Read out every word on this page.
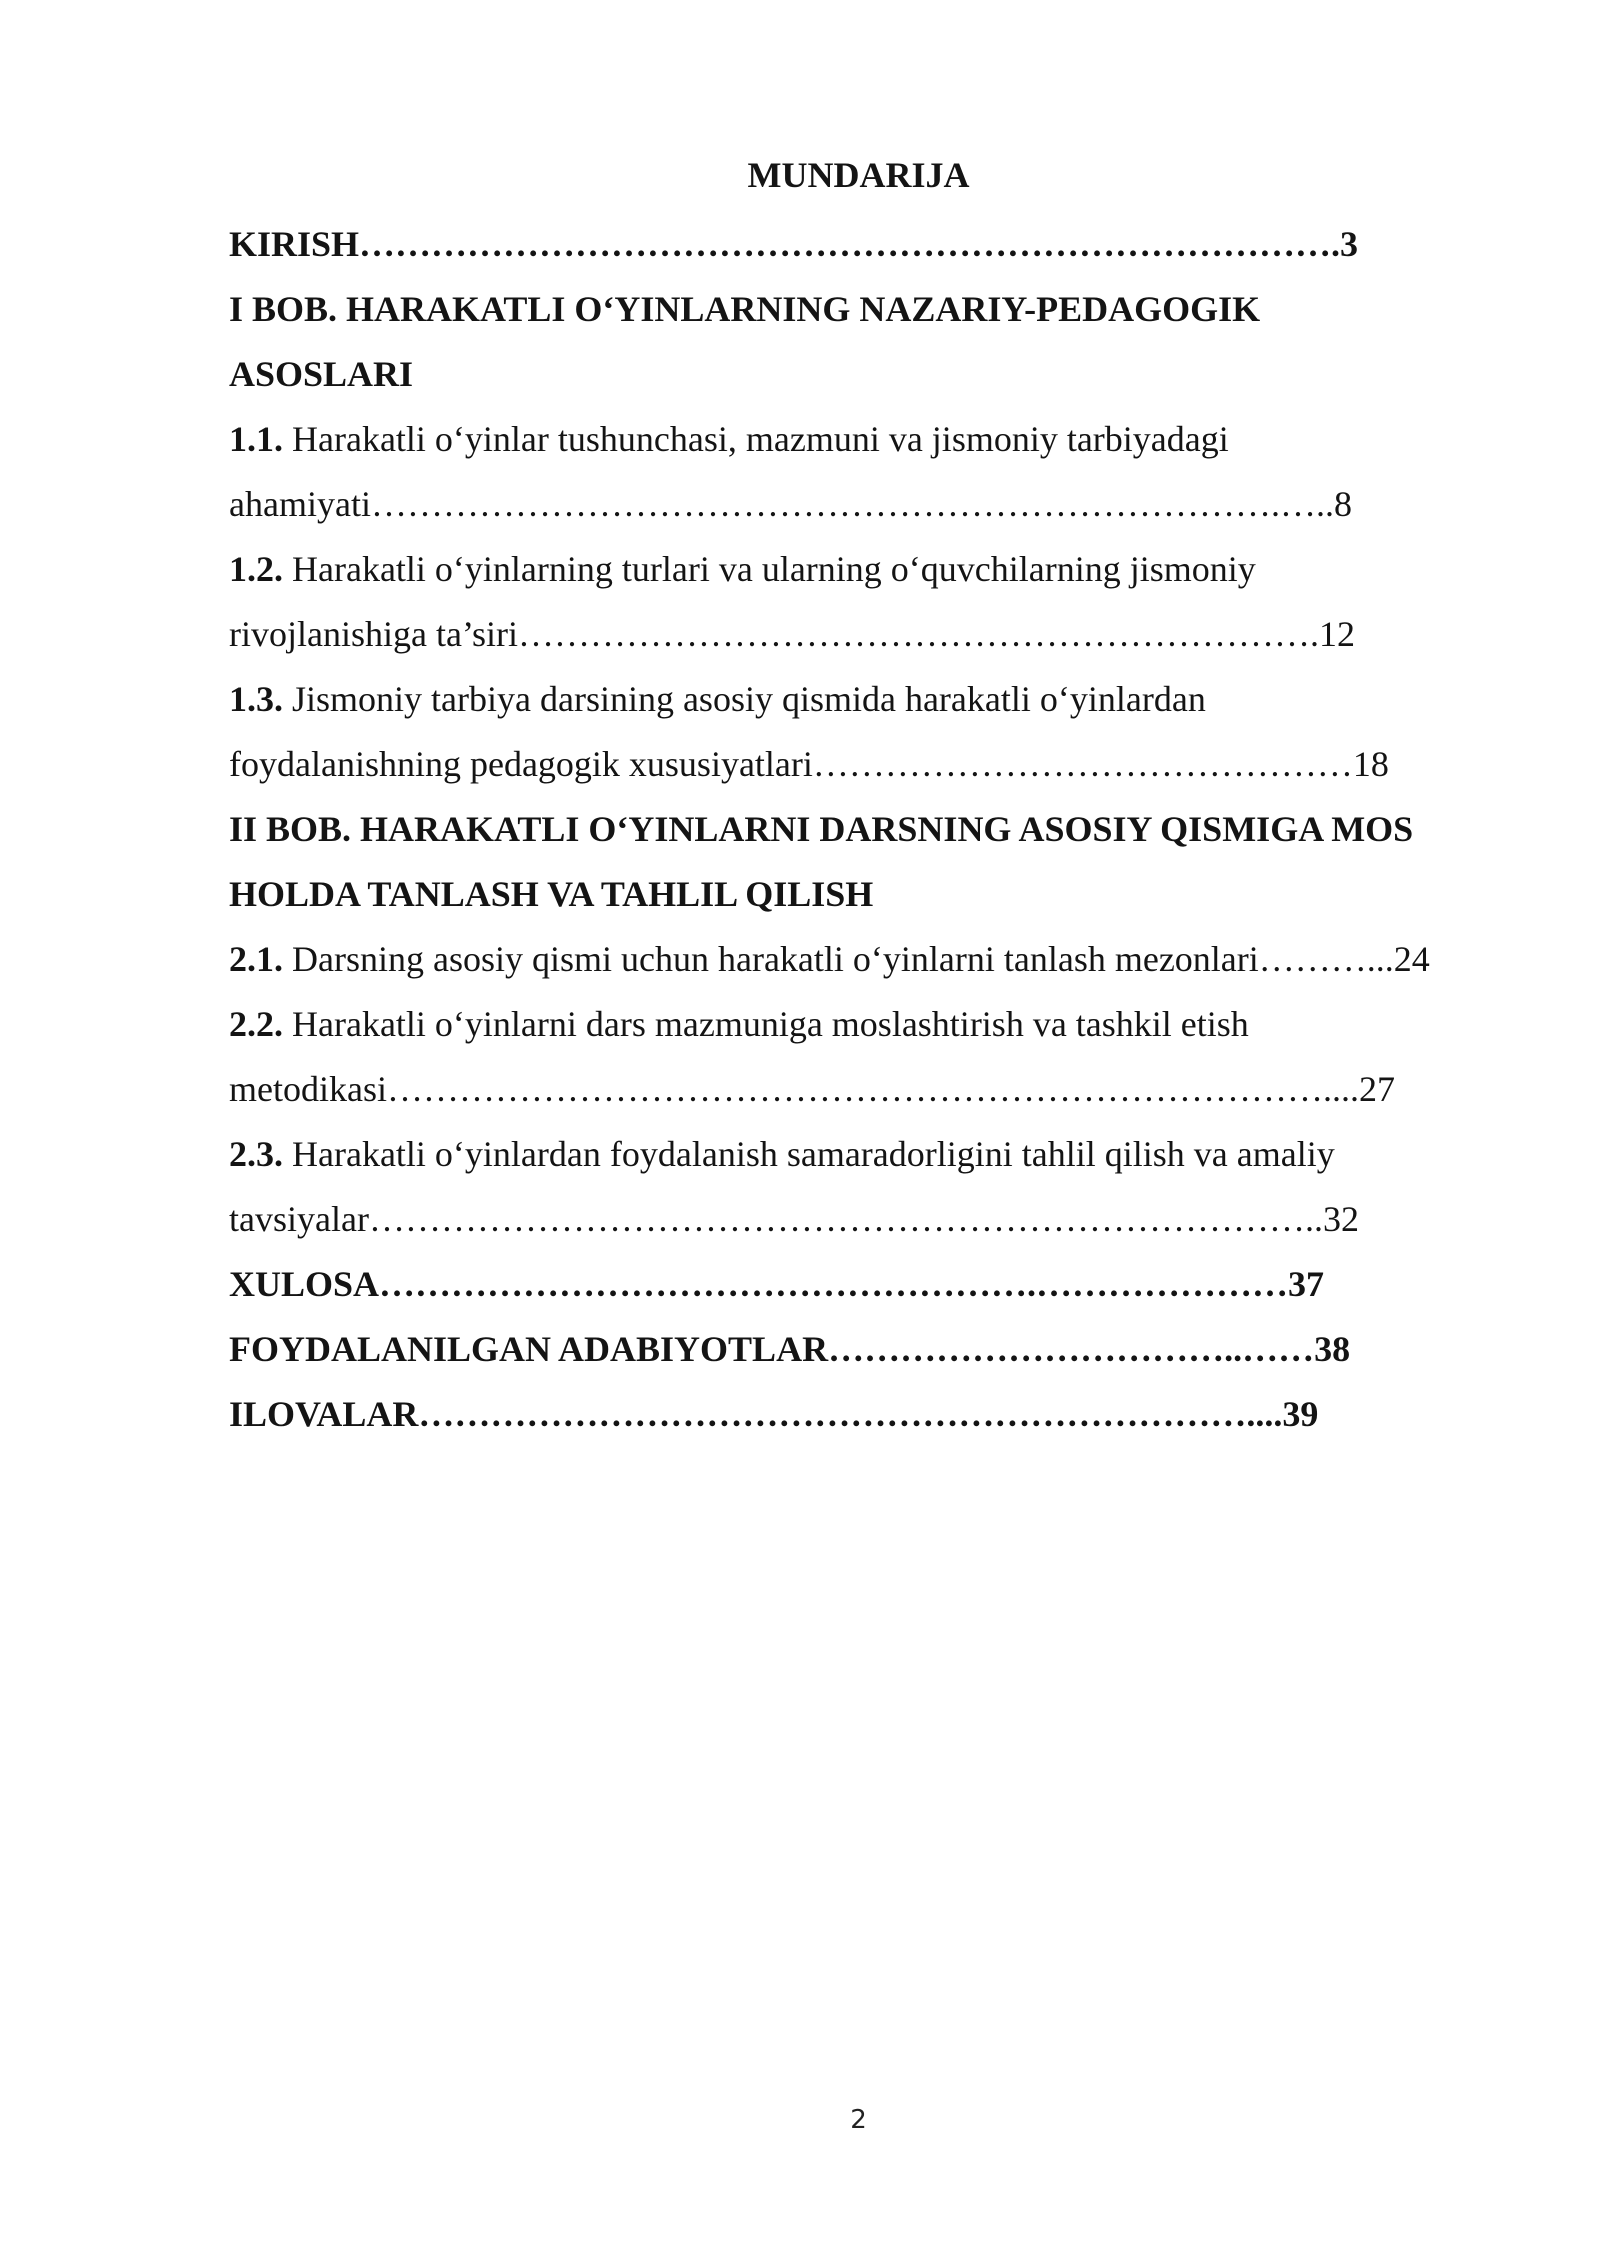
MUNDARIJA
KIRISH……………………………………………………………………….3
I BOB. HARAKATLI O‘YINLARNING NAZARIY-PEDAGOGIK
ASOSLARI
1.1. Harakatli o‘yinlar tushunchasi, mazmuni va jismoniy tarbiyadagi
ahamiyati………………………………………………………………….…..8
1.2. Harakatli o‘yinlarning turlari va ularning o‘quvchilarning jismoniy
rivojlanishiga ta’siri………………………………………………………….12
1.3. Jismoniy tarbiya darsining asosiy qismida harakatli o‘yinlardan
foydalanishning pedagogik xususiyatlari………………………………………18
II BOB. HARAKATLI O‘YINLARNI DARSNING ASOSIY QISMIGA MOS
HOLDA TANLASH VA TAHLIL QILISH
2.1. Darsning asosiy qismi uchun harakatli o‘yinlarni tanlash mezonlari………...24
2.2. Harakatli o‘yinlarni dars mazmuniga moslashtirish va tashkil etish
metodikasi……………………………………………………………………....27
2.3. Harakatli o‘yinlardan foydalanish samaradorligini tahlil qilish va amaliy
tavsiyalar……………………………………………………………………..32
XULOSA……………………………………………….…………………37
FOYDALANILGAN ADABIYOTLAR……………………………..……38
ILOVALAR……………………………………………………………....39
2
